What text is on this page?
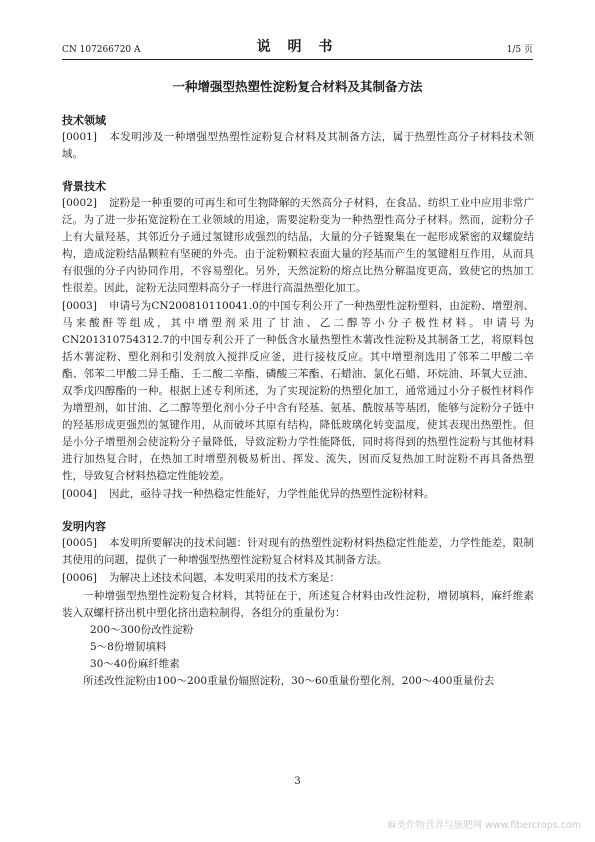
CN 107266720 A	说 明 书	1/5 页
一种增强型热塑性淀粉复合材料及其制备方法

技术领域

[0001] 本发明涉及一种增强型热塑性淀粉复合材料及其制备方法，属于热塑性高分子材料技术领域。

背景技术

[0002] 淀粉是一种重要的可再生和可生物降解的天然高分子材料，在食品、纺织工业中应用非常广泛。为了进一步拓宽淀粉在工业领域的用途，需要淀粉变为一种热塑性高分子材料。然而，淀粉分子上有大量羟基，其邻近分子通过氢键形成强烈的结晶，大量的分子链聚集在一起形成紧密的双螺旋结构，造成淀粉结晶颗粒有坚硬的外壳。由于淀粉颗粒表面大量的羟基而产生的氢键相互作用，从而具有很强的分子内协同作用，不容易塑化。另外，天然淀粉的熔点比热分解温度更高，致使它的热加工性很差。因此，淀粉无法同塑料高分子一样进行高温热塑化加工。

[0003] 申请号为CN200810110041.0的中国专利公开了一种热塑性淀粉塑料，由淀粉、增塑剂、马来酸酐等组成，其中增塑剂采用了甘油、乙二醇等小分子极性材料。申请号为CN201310754312.7的中国专利公开了一种低含水量热塑性木薯改性淀粉及其制备工艺，将原料包括木薯淀粉、塑化剂和引发剂放入搅拌反应釜，进行接枝反应。其中增塑剂选用了邻苯二甲酸二辛酯、邻苯二甲酸二异壬酯、壬二酸二辛酯、磷酸三苯酯、石蜡油、氯化石蜡、环烷油、环氧大豆油、双季戊四醇酯的一种。根据上述专利所述，为了实现淀粉的热塑化加工，通常通过小分子极性材料作为增塑剂，如甘油、乙二醇等塑化剂小分子中含有羟基、氨基、酰胺基等基团，能够与淀粉分子链中的羟基形成更强烈的氢键作用，从而破坏其原有结构，降低玻璃化转变温度，使其表现出热塑性。但是小分子增塑剂会使淀粉分子量降低，导致淀粉力学性能降低，同时将得到的热塑性淀粉与其他材料进行加热复合时，在热加工时增塑剂极易析出、挥发、流失，因而反复热加工时淀粉不再具备热塑性，导致复合材料热稳定性能较差。

[0004] 因此，亟待寻找一种热稳定性能好，力学性能优异的热塑性淀粉材料。

发明内容

[0005] 本发明所要解决的技术问题：针对现有的热塑性淀粉材料热稳定性能差，力学性能差，限制其使用的问题，提供了一种增强型热塑性淀粉复合材料及其制备方法。

[0006] 为解决上述技术问题，本发明采用的技术方案是：

一种增强型热塑性淀粉复合材料，其特征在于，所述复合材料由改性淀粉，增韧填料，麻纤维素装入双螺杆挤出机中塑化挤出造粒制得，各组分的重量份为：

200～300份改性淀粉

5～8份增韧填料

30～40份麻纤维素

所述改性淀粉由100～200重量份辐照淀粉，30～60重量份塑化剂，200～400重量份去

3
麻类作物营养与施肥网 www.fibercrops.com
